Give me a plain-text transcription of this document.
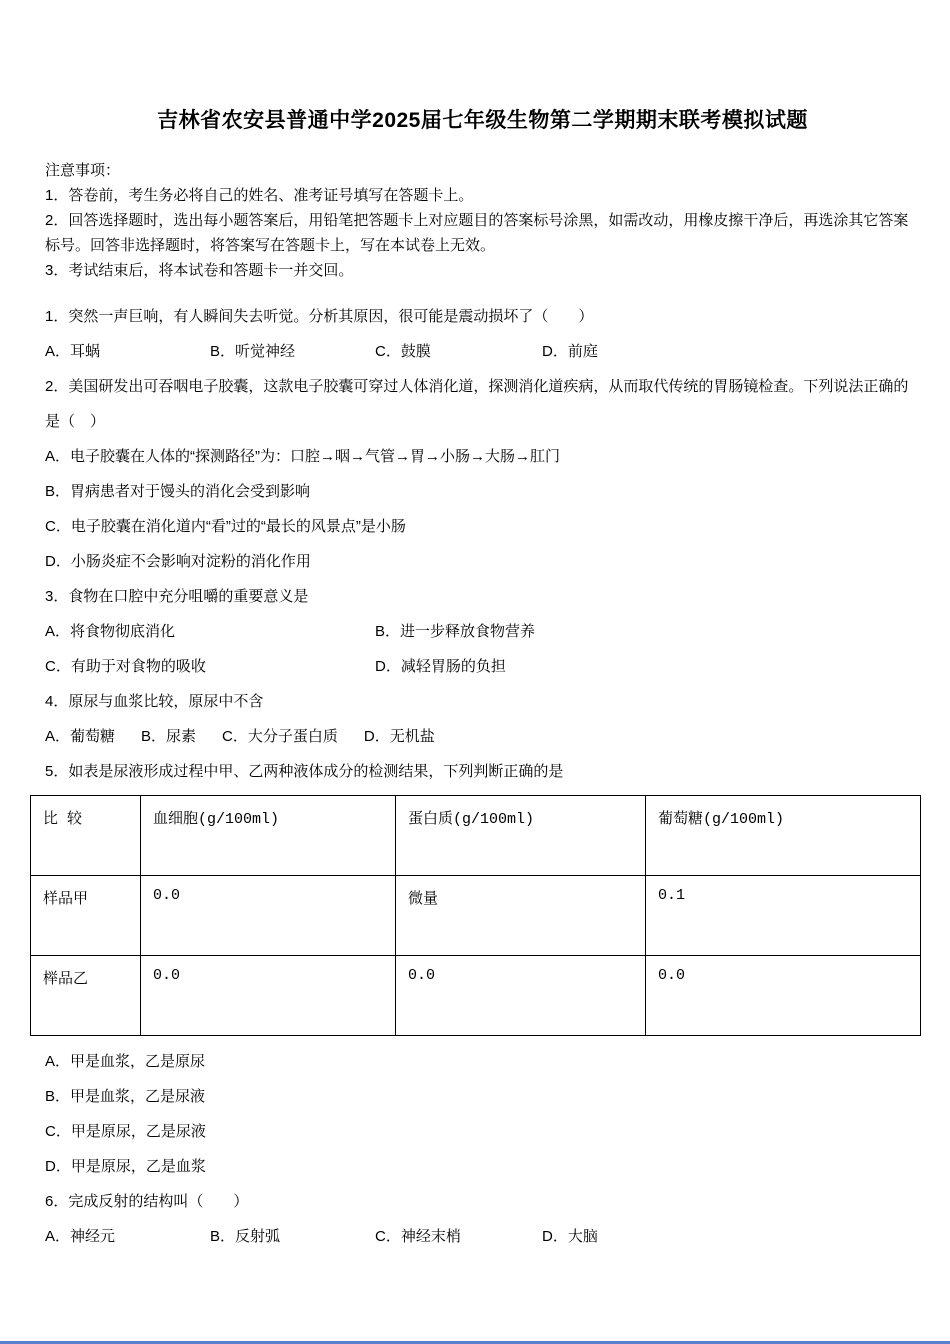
吉林省农安县普通中学2025届七年级生物第二学期期末联考模拟试题
注意事项：
1．答卷前，考生务必将自己的姓名、准考证号填写在答题卡上。
2．回答选择题时，选出每小题答案后，用铅笔把答题卡上对应题目的答案标号涂黑，如需改动，用橡皮擦干净后，再选涂其它答案标号。回答非选择题时，将答案写在答题卡上，写在本试卷上无效。
3．考试结束后，将本试卷和答题卡一并交回。
1．突然一声巨响，有人瞬间失去听觉。分析其原因，很可能是震动损坏了（　　）
A．耳蜗	B．听觉神经	C．鼓膜	D．前庭
2．美国研发出可吞咽电子胶囊，这款电子胶囊可穿过人体消化道，探测消化道疾病，从而取代传统的胃肠镜检查。下列说法正确的是（　）
A．电子胶囊在人体的“探测路径”为：口腔→咽→气管→胃→小肠→大肠→肛门
B．胃病患者对于馒头的消化会受到影响
C．电子胶囊在消化道内“看”过的“最长的风景点”是小肠
D．小肠炎症不会影响对淀粉的消化作用
3．食物在口腔中充分咀嚼的重要意义是
A．将食物彻底消化	B．进一步释放食物营养
C．有助于对食物的吸收	D．减轻胃肠的负担
4．原尿与血浆比较，原尿中不含
A．葡萄糖 B．尿素 C．大分子蛋白质 D．无机盐
5．如表是尿液形成过程中甲、乙两种液体成分的检测结果，下列判断正确的是
比 较	血细胞(g/100ml)	蛋白质(g/100ml)	葡萄糖(g/100ml)
样品甲	0.0	微量	0.1
榉品乙	0.0	0.0	0.0
A．甲是血浆，乙是原尿
B．甲是血浆，乙是尿液
C．甲是原尿，乙是尿液
D．甲是原尿，乙是血浆
6．完成反射的结构叫（　　）
A．神经元	B．反射弧	C．神经末梢	D．大脑
